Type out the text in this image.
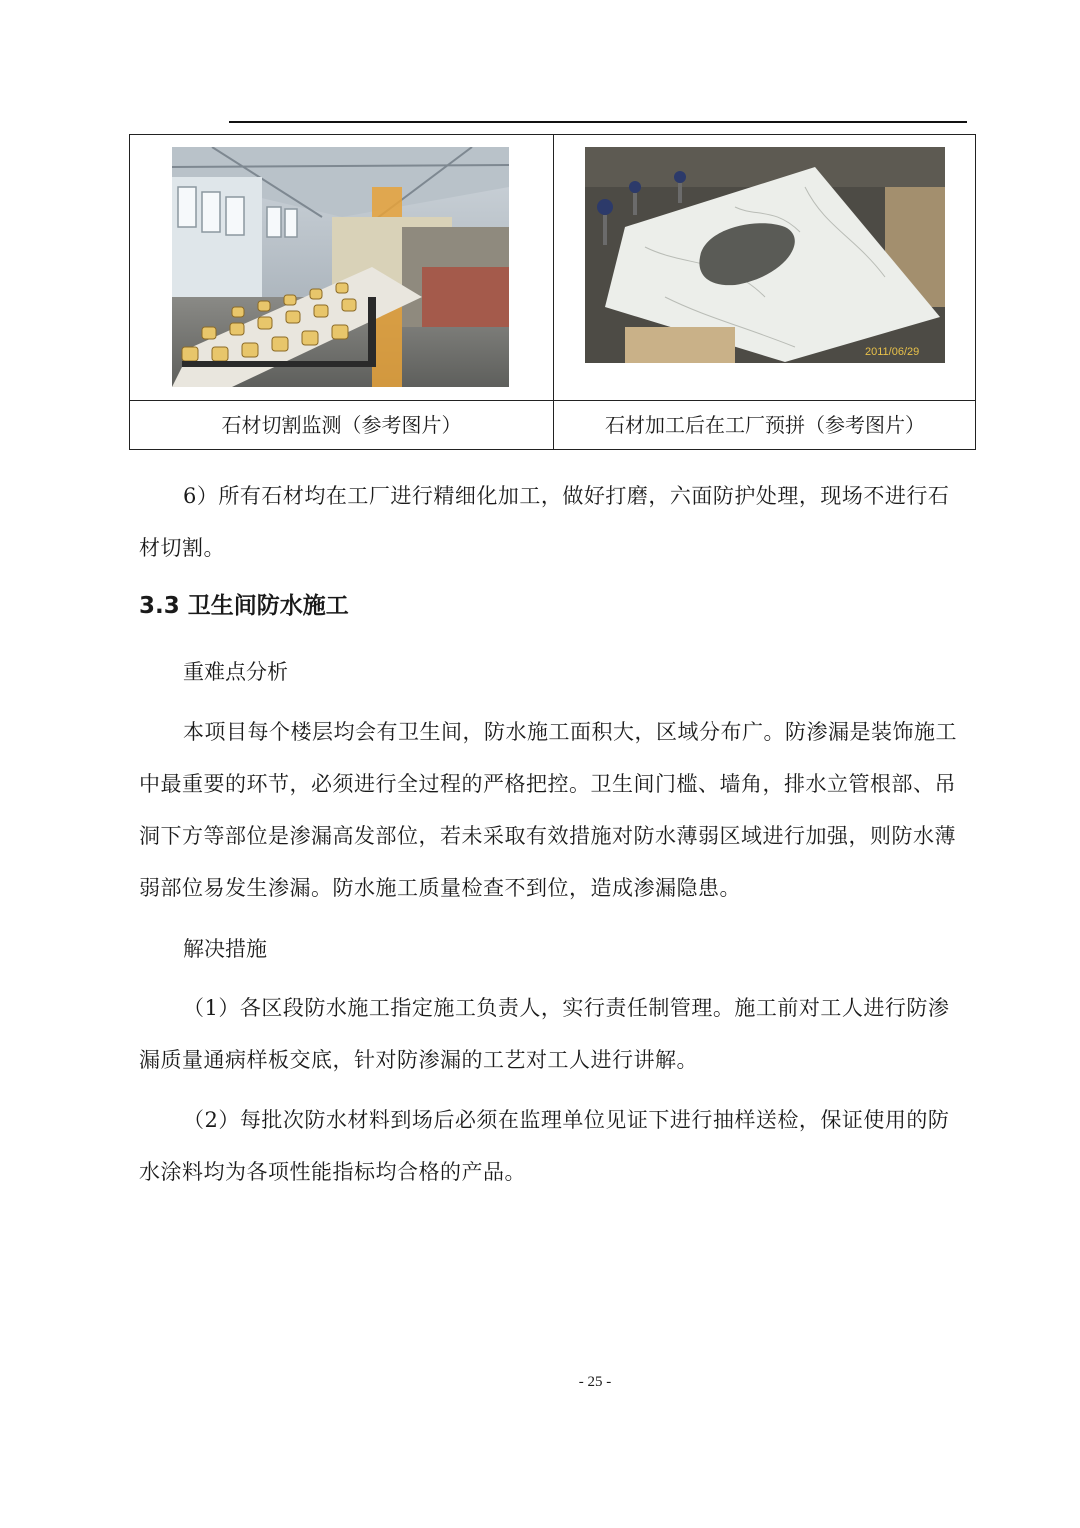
2011/06/29
石材切割监测（参考图片）	石材加工后在工厂预拼（参考图片）

6）所有石材均在工厂进行精细化加工，做好打磨，六面防护处理，现场不进行石材切割。

3.3 卫生间防水施工
重难点分析

本项目每个楼层均会有卫生间，防水施工面积大，区域分布广。防渗漏是装饰施工中最重要的环节，必须进行全过程的严格把控。卫生间门槛、墙角，排水立管根部、吊洞下方等部位是渗漏高发部位，若未采取有效措施对防水薄弱区域进行加强，则防水薄弱部位易发生渗漏。防水施工质量检查不到位，造成渗漏隐患。

解决措施

（1）各区段防水施工指定施工负责人，实行责任制管理。施工前对工人进行防渗漏质量通病样板交底，针对防渗漏的工艺对工人进行讲解。

（2）每批次防水材料到场后必须在监理单位见证下进行抽样送检，保证使用的防水涂料均为各项性能指标均合格的产品。

- 25 -
